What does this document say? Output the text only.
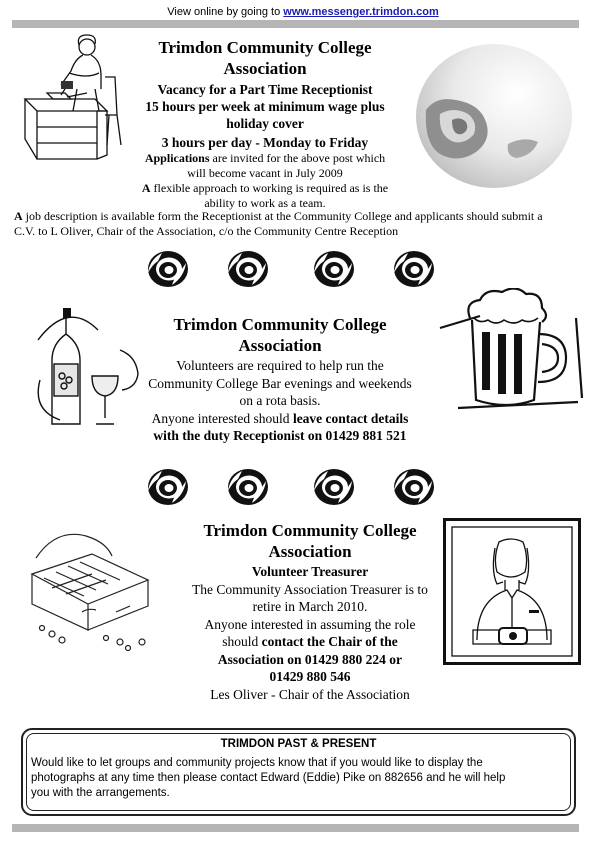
View online by going to www.messenger.trimdon.com
Trimdon Community College
Association
Vacancy for a Part Time Receptionist
15 hours per week at minimum wage plus
holiday cover
3 hours per day - Monday to Friday
Applications are invited for the above post which
will become vacant in July 2009
A flexible approach to working is required as is the
ability to work as a team.
A job description is available form the Receptionist at the Community College and applicants should submit a
C.V. to L Oliver, Chair of the Association, c/o the Community Centre Reception
Trimdon Community College
Association
Volunteers are required to help run the
Community College Bar evenings and weekends
on a rota basis.
Anyone interested should leave contact details
with the duty Receptionist on 01429 881 521
Trimdon Community College
Association
Volunteer Treasurer
The Community Association Treasurer is to
retire in March 2010.
Anyone interested in assuming the role
should contact the Chair of the
Association on 01429 880 224 or
01429 880 546
Les Oliver - Chair of the Association
TRIMDON PAST & PRESENT
Would like to let groups and community projects know that if you would like to display the
photographs at any time then please contact Edward (Eddie) Pike on 882656 and he will help
you with the arrangements.
